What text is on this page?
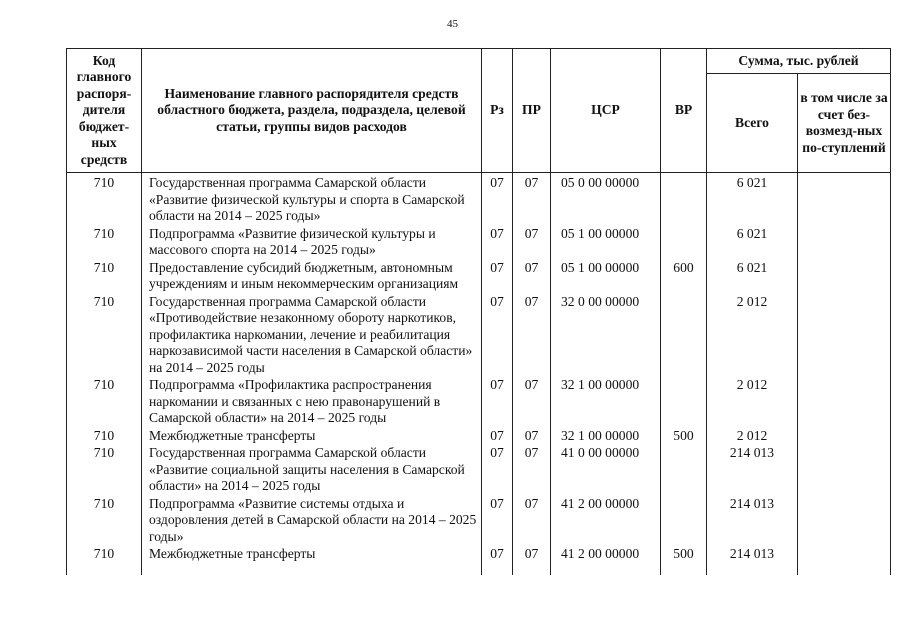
45
Код главного распоря-дителя бюджет-ных средств	Наименование главного распорядителя средств областного бюджета, раздела, подраздела, целевой статьи, группы видов расходов	Рз	ПР	ЦСР	ВР	Сумма, тыс. рублей	
						Всего	в том числе за счет без-возмезд-ных по-ступлений
710	Государственная программа Самарской области «Развитие физической культуры и спорта в Самарской области на 2014 – 2025 годы»	07	07	05 0 00 00000		6 021	
710	Подпрограмма «Развитие физической культуры и массового спорта на 2014 – 2025 годы»	07	07	05 1 00 00000		6 021	
710	Предоставление субсидий бюджетным, автономным учреждениям и иным некоммерческим организациям	07	07	05 1 00 00000	600	6 021	
710	Государственная программа Самарской области «Противодействие незаконному обороту наркотиков, профилактика наркомании, лечение и реабилитация наркозависимой части населения в Самарской области» на 2014 – 2025 годы	07	07	32 0 00 00000		2 012	
710	Подпрограмма «Профилактика распространения наркомании и связанных с нею правонарушений в Самарской области» на 2014 – 2025 годы	07	07	32 1 00 00000		2 012	
710	Межбюджетные трансферты	07	07	32 1 00 00000	500	2 012	
710	Государственная программа Самарской области «Развитие социальной защиты населения в Самарской области» на 2014 – 2025 годы	07	07	41 0 00 00000		214 013	
710	Подпрограмма «Развитие системы отдыха и оздоровления детей в Самарской области на 2014 – 2025 годы»	07	07	41 2 00 00000		214 013	
710	Межбюджетные трансферты	07	07	41 2 00 00000	500	214 013	
